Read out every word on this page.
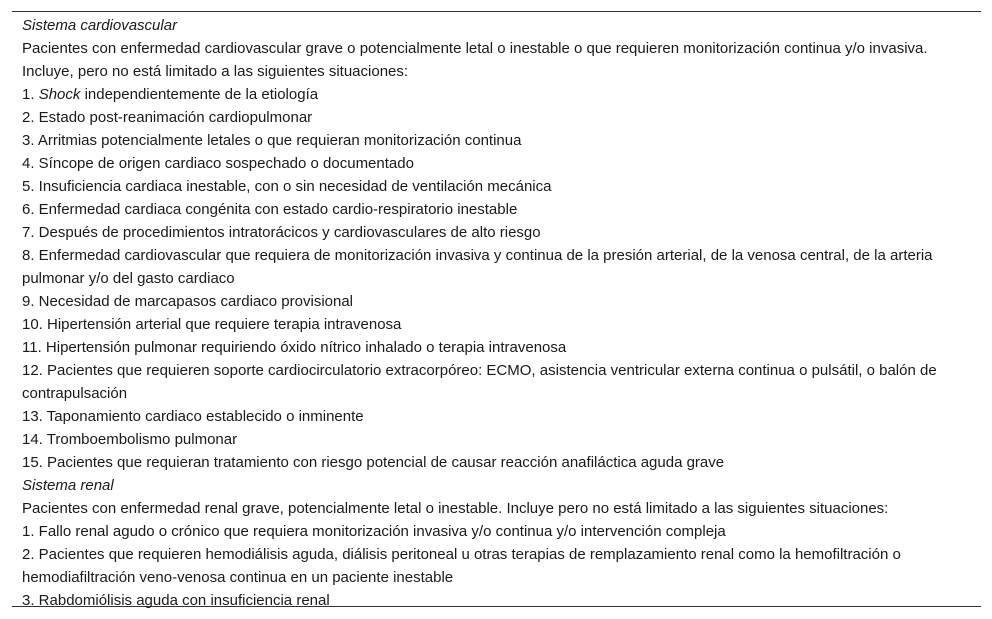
Sistema cardiovascular
Pacientes con enfermedad cardiovascular grave o potencialmente letal o inestable o que requieren monitorización continua y/o invasiva. Incluye, pero no está limitado a las siguientes situaciones:
1. Shock independientemente de la etiología
2. Estado post-reanimación cardiopulmonar
3. Arritmias potencialmente letales o que requieran monitorización continua
4. Síncope de origen cardiaco sospechado o documentado
5. Insuficiencia cardiaca inestable, con o sin necesidad de ventilación mecánica
6. Enfermedad cardiaca congénita con estado cardio-respiratorio inestable
7. Después de procedimientos intratorácicos y cardiovasculares de alto riesgo
8. Enfermedad cardiovascular que requiera de monitorización invasiva y continua de la presión arterial, de la venosa central, de la arteria pulmonar y/o del gasto cardiaco
9. Necesidad de marcapasos cardiaco provisional
10. Hipertensión arterial que requiere terapia intravenosa
11. Hipertensión pulmonar requiriendo óxido nítrico inhalado o terapia intravenosa
12. Pacientes que requieren soporte cardiocirculatorio extracorpóreo: ECMO, asistencia ventricular externa continua o pulsátil, o balón de contrapulsación
13. Taponamiento cardiaco establecido o inminente
14. Tromboembolismo pulmonar
15. Pacientes que requieran tratamiento con riesgo potencial de causar reacción anafiláctica aguda grave
Sistema renal
Pacientes con enfermedad renal grave, potencialmente letal o inestable. Incluye pero no está limitado a las siguientes situaciones:
1. Fallo renal agudo o crónico que requiera monitorización invasiva y/o continua y/o intervención compleja
2. Pacientes que requieren hemodiálisis aguda, diálisis peritoneal u otras terapias de remplazamiento renal como la hemofiltración o hemodiafiltración veno-venosa continua en un paciente inestable
3. Rabdomiólisis aguda con insuficiencia renal
